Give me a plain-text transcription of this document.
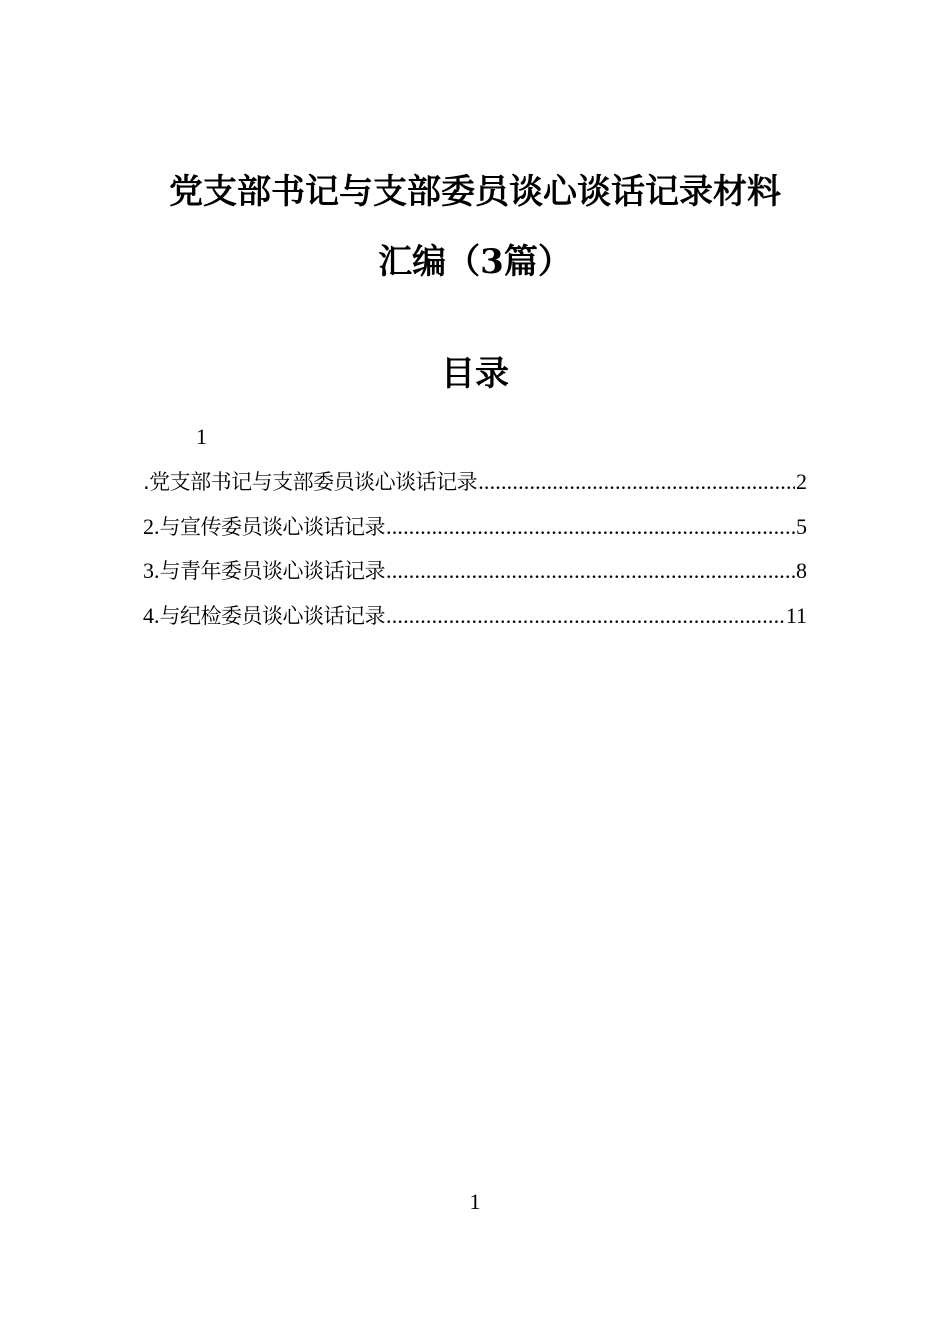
党支部书记与支部委员谈心谈话记录材料
汇编（3篇）
目录
1
.党支部书记与支部委员谈心谈话记录 .....	2
2. 与宣传委员谈心谈话记录 .....	5
3. 与青年委员谈心谈话记录 .....	8
4. 与纪检委员谈心谈话记录 .....	11
1
